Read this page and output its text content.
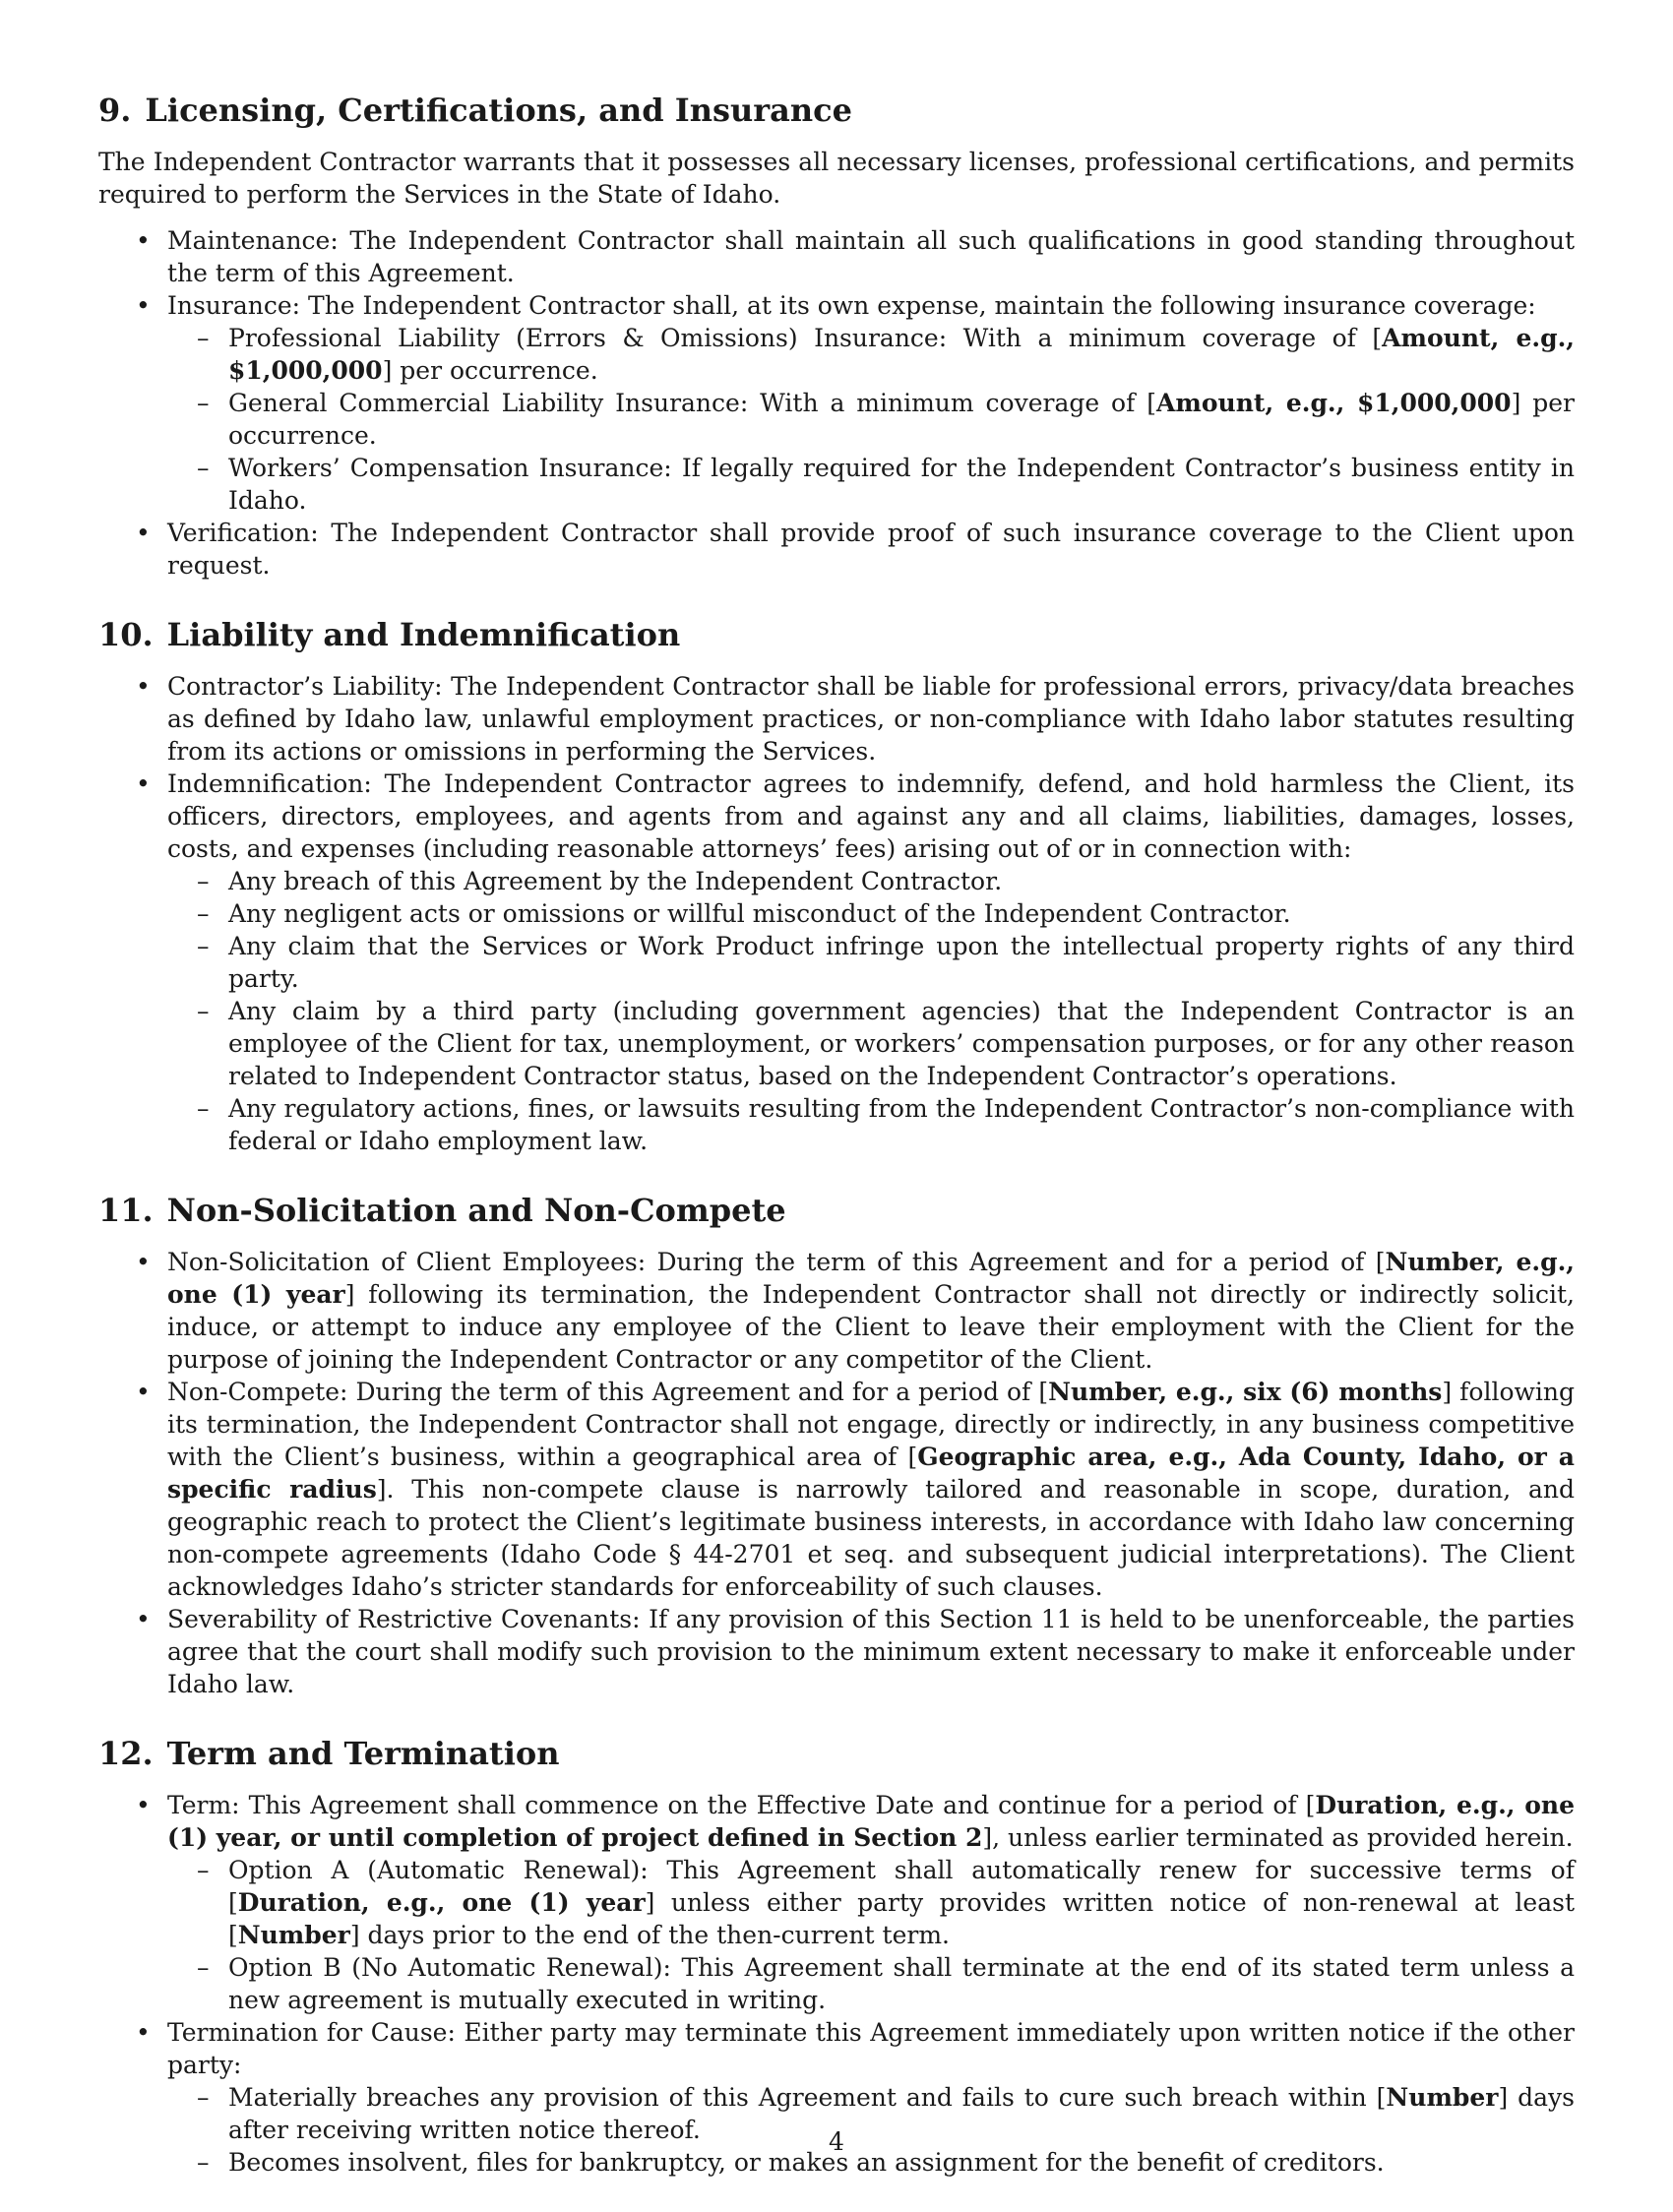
9. Licensing, Certifications, and Insurance

The Independent Contractor warrants that it possesses all necessary licenses, professional certifications, and permits required to perform the Services in the State of Idaho.

• Maintenance: The Independent Contractor shall maintain all such qualifications in good standing throughout the term of this Agreement.
• Insurance: The Independent Contractor shall, at its own expense, maintain the following insurance coverage:
– Professional Liability (Errors & Omissions) Insurance: With a minimum coverage of [Amount, e.g., $1,000,000] per occurrence.
– General Commercial Liability Insurance: With a minimum coverage of [Amount, e.g., $1,000,000] per occurrence.
– Workers’ Compensation Insurance: If legally required for the Independent Contractor’s business entity in Idaho.
• Verification: The Independent Contractor shall provide proof of such insurance coverage to the Client upon request.
10. Liability and Indemnification
• Contractor’s Liability: The Independent Contractor shall be liable for professional errors, privacy/data breaches as defined by Idaho law, unlawful employment practices, or non-compliance with Idaho labor statutes resulting from its actions or omissions in performing the Services.
• Indemnification: The Independent Contractor agrees to indemnify, defend, and hold harmless the Client, its officers, directors, employees, and agents from and against any and all claims, liabilities, damages, losses, costs, and expenses (including reasonable attorneys’ fees) arising out of or in connection with:
– Any breach of this Agreement by the Independent Contractor.
– Any negligent acts or omissions or willful misconduct of the Independent Contractor.
– Any claim that the Services or Work Product infringe upon the intellectual property rights of any third party.
– Any claim by a third party (including government agencies) that the Independent Contractor is an employee of the Client for tax, unemployment, or workers’ compensation purposes, or for any other reason related to Independent Contractor status, based on the Independent Contractor’s operations.
– Any regulatory actions, fines, or lawsuits resulting from the Independent Contractor’s non-compliance with federal or Idaho employment law.
11. Non-Solicitation and Non-Compete
• Non-Solicitation of Client Employees: During the term of this Agreement and for a period of [Number, e.g., one (1) year] following its termination, the Independent Contractor shall not directly or indirectly solicit, induce, or attempt to induce any employee of the Client to leave their employment with the Client for the purpose of joining the Independent Contractor or any competitor of the Client.
• Non-Compete: During the term of this Agreement and for a period of [Number, e.g., six (6) months] following its termination, the Independent Contractor shall not engage, directly or indirectly, in any business competitive with the Client’s business, within a geographical area of [Geographic area, e.g., Ada County, Idaho, or a specific radius]. This non-compete clause is narrowly tailored and reasonable in scope, duration, and geographic reach to protect the Client’s legitimate business interests, in accordance with Idaho law concerning non-compete agreements (Idaho Code § 44-2701 et seq. and subsequent judicial interpretations). The Client acknowledges Idaho’s stricter standards for enforceability of such clauses.
• Severability of Restrictive Covenants: If any provision of this Section 11 is held to be unenforceable, the parties agree that the court shall modify such provision to the minimum extent necessary to make it enforceable under Idaho law.
12. Term and Termination
• Term: This Agreement shall commence on the Effective Date and continue for a period of [Duration, e.g., one (1) year, or until completion of project defined in Section 2], unless earlier terminated as provided herein.
– Option A (Automatic Renewal): This Agreement shall automatically renew for successive terms of [Duration, e.g., one (1) year] unless either party provides written notice of non-renewal at least [Number] days prior to the end of the then-current term.
– Option B (No Automatic Renewal): This Agreement shall terminate at the end of its stated term unless a new agreement is mutually executed in writing.
• Termination for Cause: Either party may terminate this Agreement immediately upon written notice if the other party:
– Materially breaches any provision of this Agreement and fails to cure such breach within [Number] days after receiving written notice thereof.
– Becomes insolvent, files for bankruptcy, or makes an assignment for the benefit of creditors.
4
